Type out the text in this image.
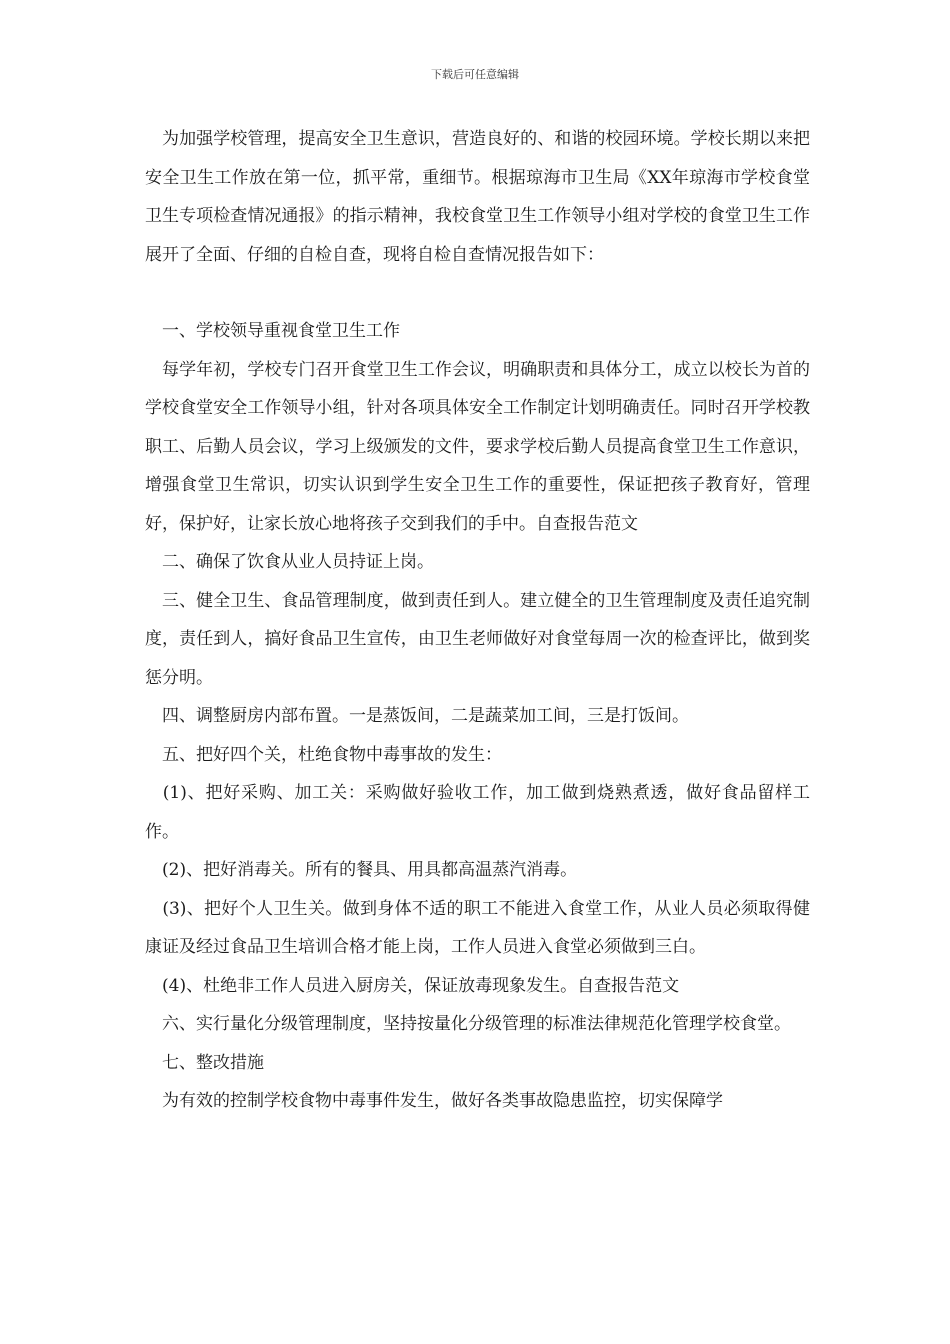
下载后可任意编辑

　为加强学校管理，提高安全卫生意识，营造良好的、和谐的校园环境。学校长期以来把安全卫生工作放在第一位，抓平常，重细节。根据琼海市卫生局《XX年琼海市学校食堂卫生专项检查情况通报》的指示精神，我校食堂卫生工作领导小组对学校的食堂卫生工作展开了全面、仔细的自检自查，现将自检自查情况报告如下：

　一、学校领导重视食堂卫生工作

　每学年初，学校专门召开食堂卫生工作会议，明确职责和具体分工，成立以校长为首的学校食堂安全工作领导小组，针对各项具体安全工作制定计划明确责任。同时召开学校教职工、后勤人员会议，学习上级颁发的文件，要求学校后勤人员提高食堂卫生工作意识，增强食堂卫生常识，切实认识到学生安全卫生工作的重要性，保证把孩子教育好，管理好，保护好，让家长放心地将孩子交到我们的手中。自查报告范文

　二、确保了饮食从业人员持证上岗。

　三、健全卫生、食品管理制度，做到责任到人。建立健全的卫生管理制度及责任追究制度，责任到人，搞好食品卫生宣传，由卫生老师做好对食堂每周一次的检查评比，做到奖惩分明。

　四、调整厨房内部布置。一是蒸饭间，二是蔬菜加工间，三是打饭间。

　五、把好四个关，杜绝食物中毒事故的发生：

　(1)、把好采购、加工关：采购做好验收工作，加工做到烧熟煮透，做好食品留样工作。

　(2)、把好消毒关。所有的餐具、用具都高温蒸汽消毒。

　(3)、把好个人卫生关。做到身体不适的职工不能进入食堂工作，从业人员必须取得健康证及经过食品卫生培训合格才能上岗，工作人员进入食堂必须做到三白。

　(4)、杜绝非工作人员进入厨房关，保证放毒现象发生。自查报告范文

　六、实行量化分级管理制度，坚持按量化分级管理的标准法律规范化管理学校食堂。

　七、整改措施

　为有效的控制学校食物中毒事件发生，做好各类事故隐患监控，切实保障学
